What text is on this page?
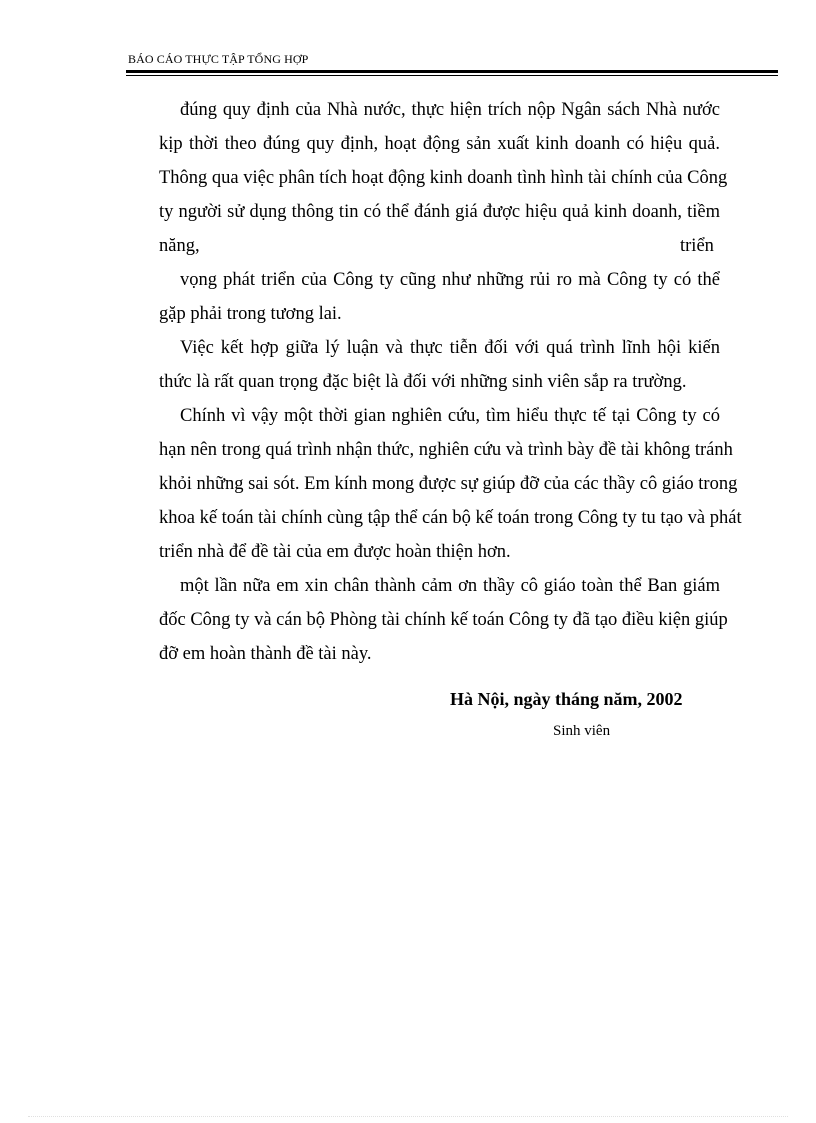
BÁO CÁO THỰC TẬP TỔNG HỢP
đúng quy định của Nhà nước, thực hiện trích nộp Ngân sách Nhà nước
kịp thời theo đúng quy định, hoạt động sản xuất kinh doanh có hiệu quả.
Thông qua việc phân tích hoạt động kinh doanh tình hình tài chính của Công
ty người sử dụng thông tin có thể đánh giá được hiệu quả kinh doanh, tiềm
năng,	triển
vọng phát triển của Công ty cũng như những rủi ro mà Công ty có thể
gặp phải trong tương lai.
Việc kết hợp giữa lý luận và thực tiễn đối với quá trình lĩnh hội kiến
thức là rất quan trọng đặc biệt là đối với những sinh viên sắp ra trường.
Chính vì vậy một thời gian nghiên cứu, tìm hiểu thực tế tại Công ty có
hạn nên trong quá trình nhận thức, nghiên cứu và trình bày đề tài không tránh
khỏi những sai sót. Em kính mong được sự giúp đỡ của các thầy cô giáo trong
khoa kế toán tài chính cùng tập thể cán bộ kế toán trong Công ty tu tạo và phát
triển nhà để đề tài của em được hoàn thiện hơn.
một lần nữa em xin chân thành cảm ơn thầy cô giáo toàn thể Ban giám
đốc Công ty và cán bộ Phòng tài chính kế toán Công ty đã tạo điều kiện giúp
đỡ em hoàn thành đề tài này.
Hà Nội, ngày tháng năm, 2002
Sinh viên
